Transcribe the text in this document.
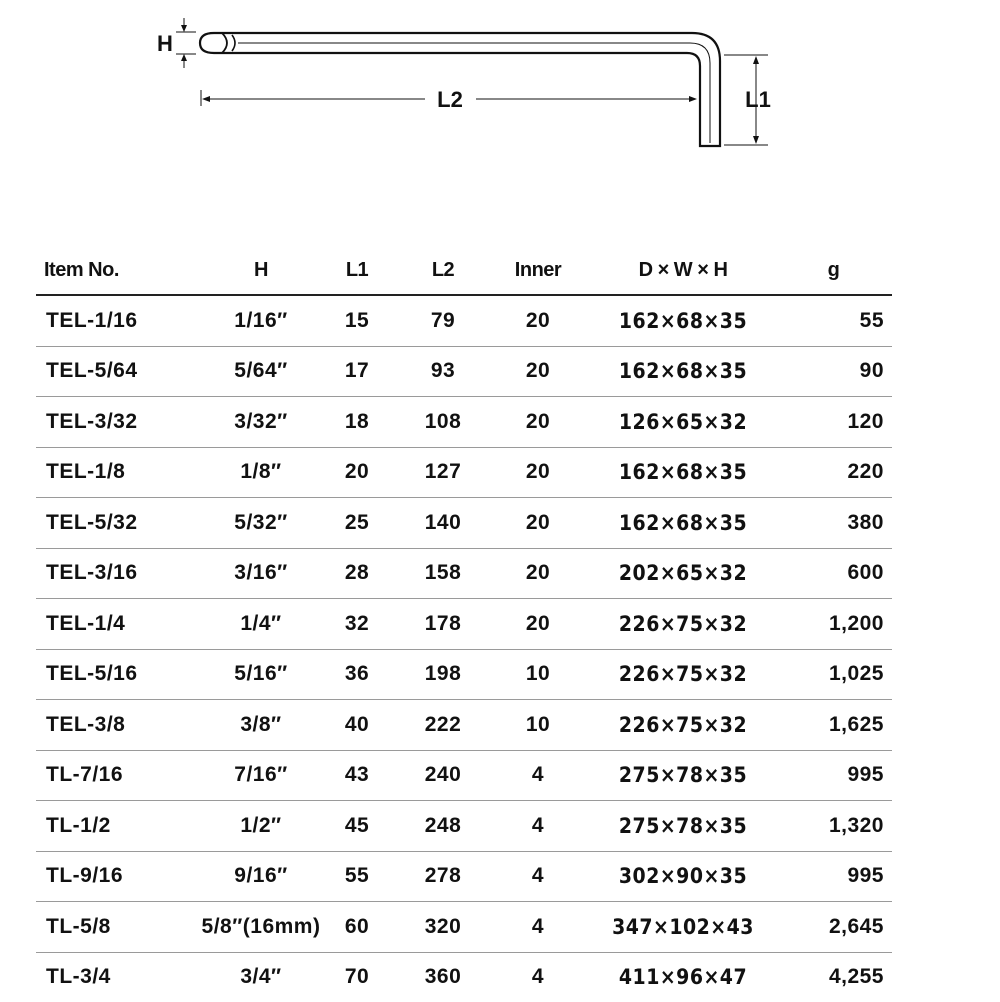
H
L2	L1
Item No.	H	L1	L2	Inner	D × W × H	g
TEL-1/16	1/16″	15	79	20	162×68×35	55
TEL-5/64	5/64″	17	93	20	162×68×35	90
TEL-3/32	3/32″	18	108	20	126×65×32	120
TEL-1/8	1/8″	20	127	20	162×68×35	220
TEL-5/32	5/32″	25	140	20	162×68×35	380
TEL-3/16	3/16″	28	158	20	202×65×32	600
TEL-1/4	1/4″	32	178	20	226×75×32	1,200
TEL-5/16	5/16″	36	198	10	226×75×32	1,025
TEL-3/8	3/8″	40	222	10	226×75×32	1,625
TL-7/16	7/16″	43	240	4	275×78×35	995
TL-1/2	1/2″	45	248	4	275×78×35	1,320
TL-9/16	9/16″	55	278	4	302×90×35	995
TL-5/8	5/8″(16mm)	60	320	4	347×102×43	2,645
TL-3/4	3/4″	70	360	4	411×96×47	4,255
